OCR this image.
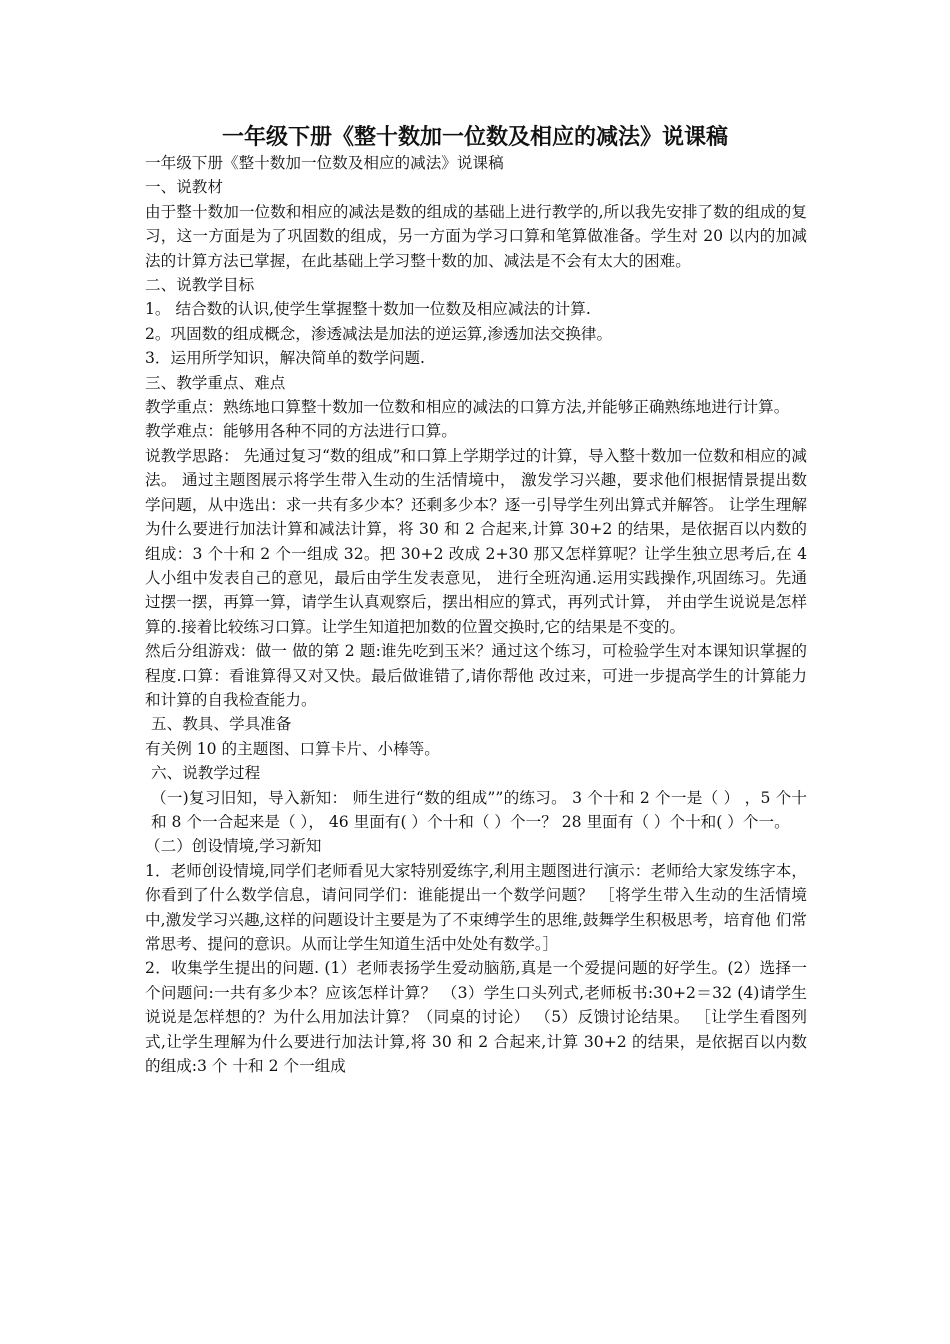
一年级下册《整十数加一位数及相应的减法》说课稿

一年级下册《整十数加一位数及相应的减法》说课稿

一、说教材

由于整十数加一位数和相应的减法是数的组成的基础上进行教学的,所以我先安排了数的组成的复习，这一方面是为了巩固数的组成，另一方面为学习口算和笔算做准备。学生对 20 以内的加减法的计算方法已掌握，在此基础上学习整十数的加、减法是不会有太大的困难。

二、说教学目标

1。 结合数的认识,使学生掌握整十数加一位数及相应减法的计算.

2。巩固数的组成概念，渗透减法是加法的逆运算,渗透加法交换律。

3．运用所学知识，解决简单的数学问题.

三、教学重点、难点

教学重点：熟练地口算整十数加一位数和相应的减法的口算方法,并能够正确熟练地进行计算。

教学难点：能够用各种不同的方法进行口算。

说教学思路： 先通过复习“数的组成”和口算上学期学过的计算，导入整十数加一位数和相应的减法。 通过主题图展示将学生带入生动的生活情境中， 激发学习兴趣，要求他们根据情景提出数学问题，从中选出：求一共有多少本？还剩多少本？逐一引导学生列出算式并解答。 让学生理解为什么要进行加法计算和减法计算，将 30 和 2 合起来,计算 30+2 的结果，是依据百以内数的组成：3 个十和 2 个一组成 32。把 30+2 改成 2+30 那又怎样算呢？让学生独立思考后,在 4 人小组中发表自己的意见，最后由学生发表意见， 进行全班沟通.运用实践操作,巩固练习。先通过摆一摆，再算一算，请学生认真观察后，摆出相应的算式，再列式计算， 并由学生说说是怎样算的.接着比较练习口算。让学生知道把加数的位置交换时,它的结果是不变的。

然后分组游戏：做一 做的第 2 题:谁先吃到玉米？通过这个练习，可检验学生对本课知识掌握的程度.口算：看谁算得又对又快。最后做谁错了,请你帮他 改过来，可进一步提高学生的计算能力和计算的自我检查能力。

五、教具、学具准备

有关例 10 的主题图、口算卡片、小棒等。

六、说教学过程

（一)复习旧知，导入新知： 师生进行“数的组成””的练习。 3 个十和 2 个一是（ ） ，5 个十和 8 个一合起来是（ ）， 46 里面有( ）个十和（ ）个一？ 28 里面有（ ）个十和( ）个一。

（二）创设情境,学习新知

1．老师创设情境,同学们老师看见大家特别爱练字,利用主题图进行演示：老师给大家发练字本，你看到了什么数学信息，请问同学们：谁能提出一个数学问题？ ［将学生带入生动的生活情境中,激发学习兴趣,这样的问题设计主要是为了不束缚学生的思维,鼓舞学生积极思考，培育他 们常常思考、提问的意识。从而让学生知道生活中处处有数学。］

2．收集学生提出的问题. (1）老师表扬学生爱动脑筋,真是一个爱提问题的好学生。(2）选择一个问题问:一共有多少本？应该怎样计算？ （3）学生口头列式,老师板书:30+2＝32 (4)请学生说说是怎样想的？为什么用加法计算？（同桌的讨论） （5）反馈讨论结果。 ［让学生看图列式,让学生理解为什么要进行加法计算,将 30 和 2 合起来,计算 30+2 的结果，是依据百以内数的组成:3 个 十和 2 个一组成
